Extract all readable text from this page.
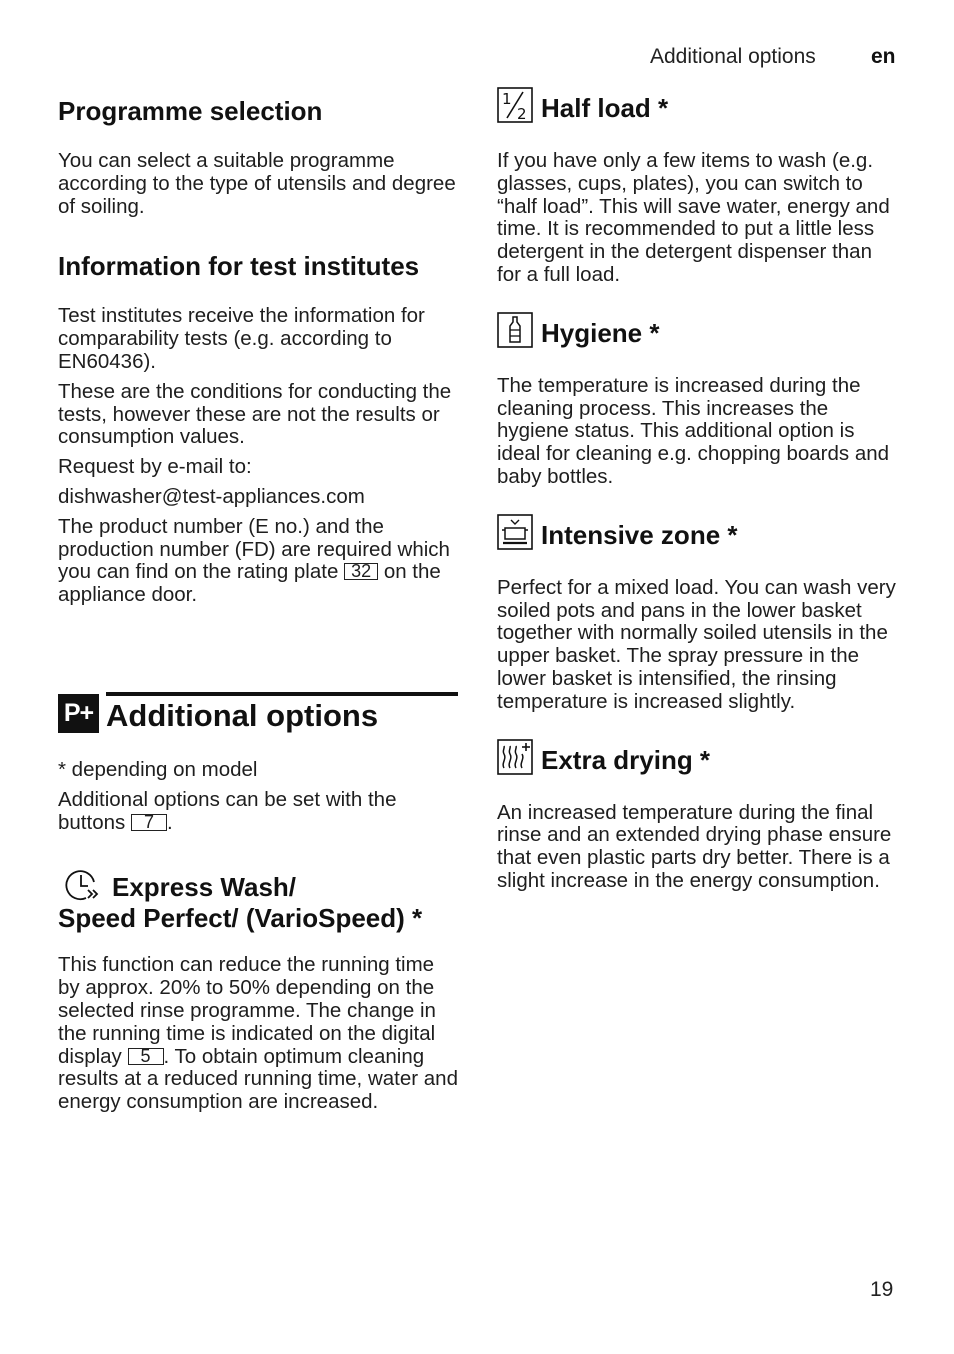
Additional options	en
Programme selection

You can select a suitable programme according to the type of utensils and degree of soiling.

Information for test institutes

Test institutes receive the information for comparability tests (e.g. according to EN60436).

These are the conditions for conducting the tests, however these are not the results or consumption values.

Request by e-mail to:

dishwasher@test-appliances.com

The product number (E no.) and the production number (FD) are required which you can find on the rating plate 32 on the appliance door.

P+ Additional options

* depending on model

Additional options can be set with the buttons 7 .

Express Wash/
Speed Perfect/ (VarioSpeed) *

This function can reduce the running time by approx. 20% to 50% depending on the selected rinse programme. The change in the running time is indicated on the digital display 5 . To obtain optimum cleaning results at a reduced running time, water and energy consumption are increased.

1
2 Half load *

If you have only a few items to wash (e.g. glasses, cups, plates), you can switch to “half load”. This will save water, energy and time. It is recommended to put a little less detergent in the detergent dispenser than for a full load.

Hygiene *

The temperature is increased during the cleaning process. This increases the hygiene status. This additional option is ideal for cleaning e.g. chopping boards and baby bottles.

Intensive zone *

Perfect for a mixed load. You can wash very soiled pots and pans in the lower basket together with normally soiled utensils in the upper basket. The spray pressure in the lower basket is intensified, the rinsing temperature is increased slightly.

Extra drying *

An increased temperature during the final rinse and an extended drying phase ensure that even plastic parts dry better. There is a slight increase in the energy consumption.

19
